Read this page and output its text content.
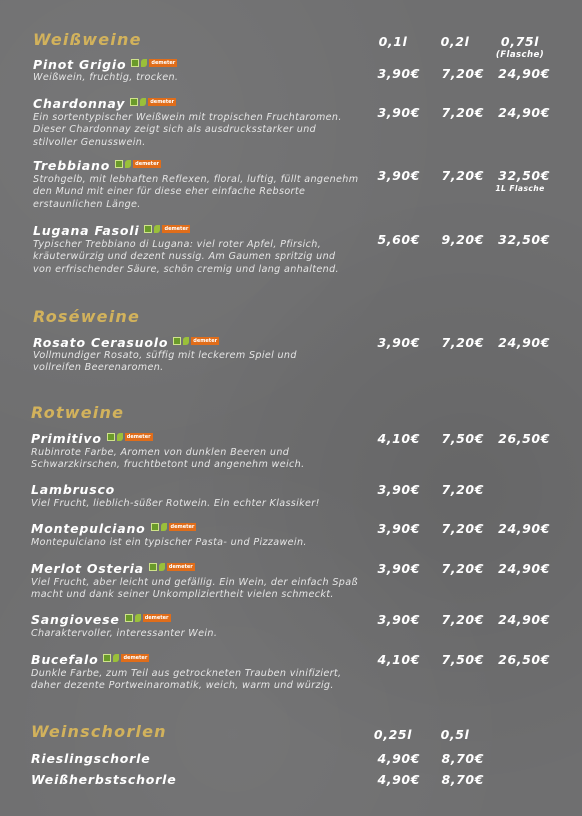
Weißweine	0,1l	0,2l	0,75l
(Flasche)
Pinot Grigio	demeter
Weißwein, fruchtig, trocken.	3,90€	7,20€	24,90€
Chardonnay	demeter
Ein sortentypischer Weißwein mit tropischen Fruchtaromen.
Dieser Chardonnay zeigt sich als ausdrucksstarker und
stilvoller Genusswein.
3,90€	7,20€	24,90€
Trebbiano	demeter
Strohgelb, mit lebhaften Reflexen, floral, luftig, füllt angenehm
den Mund mit einer für diese eher einfache Rebsorte
erstaunlichen Länge.
3,90€	7,20€	32,50€
1L Flasche
Lugana Fasoli	demeter
Typischer Trebbiano di Lugana: viel roter Apfel, Pfirsich,
kräuterwürzig und dezent nussig. Am Gaumen spritzig und
von erfrischender Säure, schön cremig und lang anhaltend.
5,60€	9,20€	32,50€
Roséweine
Rosato Cerasuolo	demeter
Vollmundiger Rosato, süffig mit leckerem Spiel und
vollreifen Beerenaromen.
3,90€	7,20€	24,90€
Rotweine
Primitivo	demeter
Rubinrote Farbe, Aromen von dunklen Beeren und
Schwarzkirschen, fruchtbetont und angenehm weich.
4,10€	7,50€	26,50€
Lambrusco
Viel Frucht, lieblich-süßer Rotwein. Ein echter Klassiker!
3,90€	7,20€
Montepulciano	demeter
Montepulciano ist ein typischer Pasta- und Pizzawein.
3,90€	7,20€	24,90€
Merlot Osteria	demeter
Viel Frucht, aber leicht und gefällig. Ein Wein, der einfach Spaß
macht und dank seiner Unkompliziertheit vielen schmeckt.
3,90€	7,20€	24,90€
Sangiovese	demeter
Charaktervoller, interessanter Wein.
3,90€	7,20€	24,90€
Bucefalo	demeter
Dunkle Farbe, zum Teil aus getrockneten Trauben vinifiziert,
daher dezente Portweinaromatik, weich, warm und würzig.
4,10€	7,50€	26,50€
Weinschorlen	0,25l	0,5l
Rieslingschorle	4,90€	8,70€
Weißherbstschorle	4,90€	8,70€
